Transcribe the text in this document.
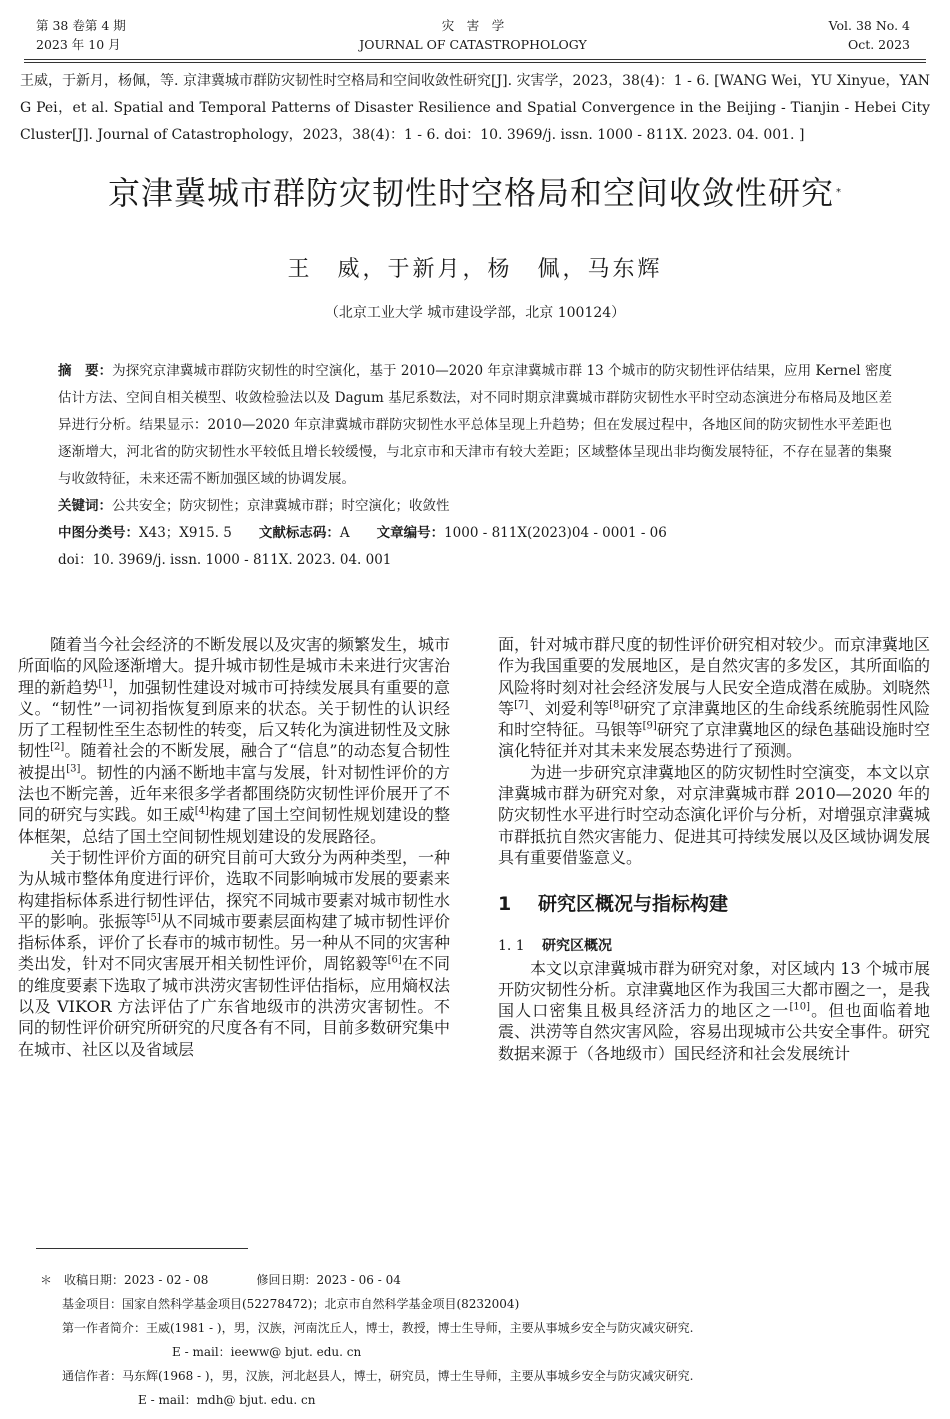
第 38 卷第 4 期
2023 年 10 月
灾　害　学
JOURNAL OF CATASTROPHOLOGY
Vol. 38 No. 4
Oct. 2023
王威，于新月，杨佩，等. 京津冀城市群防灾韧性时空格局和空间收敛性研究[J]. 灾害学，2023，38(4)：1 - 6. [WANG Wei，YU Xinyue，YANG Pei，et al. Spatial and Temporal Patterns of Disaster Resilience and Spatial Convergence in the Beijing - Tianjin - Hebei City Cluster[J]. Journal of Catastrophology，2023，38(4)：1 - 6. doi：10. 3969/j. issn. 1000 - 811X. 2023. 04. 001. ]
京津冀城市群防灾韧性时空格局和空间收敛性研究 *
王　威，于新月，杨　佩，马东辉
（北京工业大学 城市建设学部，北京 100124）

摘　要：为探究京津冀城市群防灾韧性的时空演化，基于 2010—2020 年京津冀城市群 13 个城市的防灾韧性评估结果，应用 Kernel 密度估计方法、空间自相关模型、收敛检验法以及 Dagum 基尼系数法，对不同时期京津冀城市群防灾韧性水平时空动态演进分布格局及地区差异进行分析。结果显示：2010—2020 年京津冀城市群防灾韧性水平总体呈现上升趋势；但在发展过程中，各地区间的防灾韧性水平差距也逐渐增大，河北省的防灾韧性水平较低且增长较缓慢，与北京市和天津市有较大差距；区域整体呈现出非均衡发展特征，不存在显著的集聚与收敛特征，未来还需不断加强区域的协调发展。

关键词：公共安全；防灾韧性；京津冀城市群；时空演化；收敛性

中图分类号：X43；X915. 5　　 文献标志码：A　　 文章编号：1000 - 811X(2023)04 - 0001 - 06

doi：10. 3969/j. issn. 1000 - 811X. 2023. 04. 001

随着当今社会经济的不断发展以及灾害的频繁发生，城市所面临的风险逐渐增大。提升城市韧性是城市未来进行灾害治理的新趋势[1]，加强韧性建设对城市可持续发展具有重要的意义。“韧性”一词初指恢复到原来的状态。关于韧性的认识经历了工程韧性至生态韧性的转变，后又转化为演进韧性及文脉韧性[2]。随着社会的不断发展，融合了“信息”的动态复合韧性被提出[3]。韧性的内涵不断地丰富与发展，针对韧性评价的方法也不断完善，近年来很多学者都围绕防灾韧性评价展开了不同的研究与实践。如王威[4]构建了国土空间韧性规划建设的整体框架，总结了国土空间韧性规划建设的发展路径。

关于韧性评价方面的研究目前可大致分为两种类型，一种为从城市整体角度进行评价，选取不同影响城市发展的要素来构建指标体系进行韧性评估，探究不同城市要素对城市韧性水平的影响。张振等[5]从不同城市要素层面构建了城市韧性评价指标体系，评价了长春市的城市韧性。另一种从不同的灾害种类出发，针对不同灾害展开相关韧性评价，周铭毅等[6]在不同的维度要素下选取了城市洪涝灾害韧性评估指标，应用熵权法以及 VIKOR 方法评估了广东省地级市的洪涝灾害韧性。不同的韧性评价研究所研究的尺度各有不同，目前多数研究集中在城市、社区以及省域层

面，针对城市群尺度的韧性评价研究相对较少。而京津冀地区作为我国重要的发展地区，是自然灾害的多发区，其所面临的风险将时刻对社会经济发展与人民安全造成潜在威胁。刘晓然等[7]、刘爱利等[8]研究了京津冀地区的生命线系统脆弱性风险和时空特征。马银等[9]研究了京津冀地区的绿色基础设施时空演化特征并对其未来发展态势进行了预测。

为进一步研究京津冀地区的防灾韧性时空演变，本文以京津冀城市群为研究对象，对京津冀城市群 2010—2020 年的防灾韧性水平进行时空动态演化评价与分析，对增强京津冀城市群抵抗自然灾害能力、促进其可持续发展以及区域协调发展具有重要借鉴意义。

1 研究区概况与指标构建
1. 1 研究区概况

本文以京津冀城市群为研究对象，对区域内 13 个城市展开防灾韧性分析。京津冀地区作为我国三大都市圈之一，是我国人口密集且极具经济活力的地区之一[10]。但也面临着地震、洪涝等自然灾害风险，容易出现城市公共安全事件。研究数据来源于（各地级市）国民经济和社会发展统计

＊　收稿日期：2023 - 02 - 08　　　　修回日期：2023 - 06 - 04
基金项目：国家自然科学基金项目(52278472)；北京市自然科学基金项目(8232004)
第一作者简介：王威(1981 - )，男，汉族，河南沈丘人，博士，教授，博士生导师，主要从事城乡安全与防灾减灾研究.
E - mail：ieeww@ bjut. edu. cn
通信作者：马东辉(1968 - )，男，汉族，河北赵县人，博士，研究员，博士生导师，主要从事城乡安全与防灾减灾研究.
E - mail：mdh@ bjut. edu. cn
